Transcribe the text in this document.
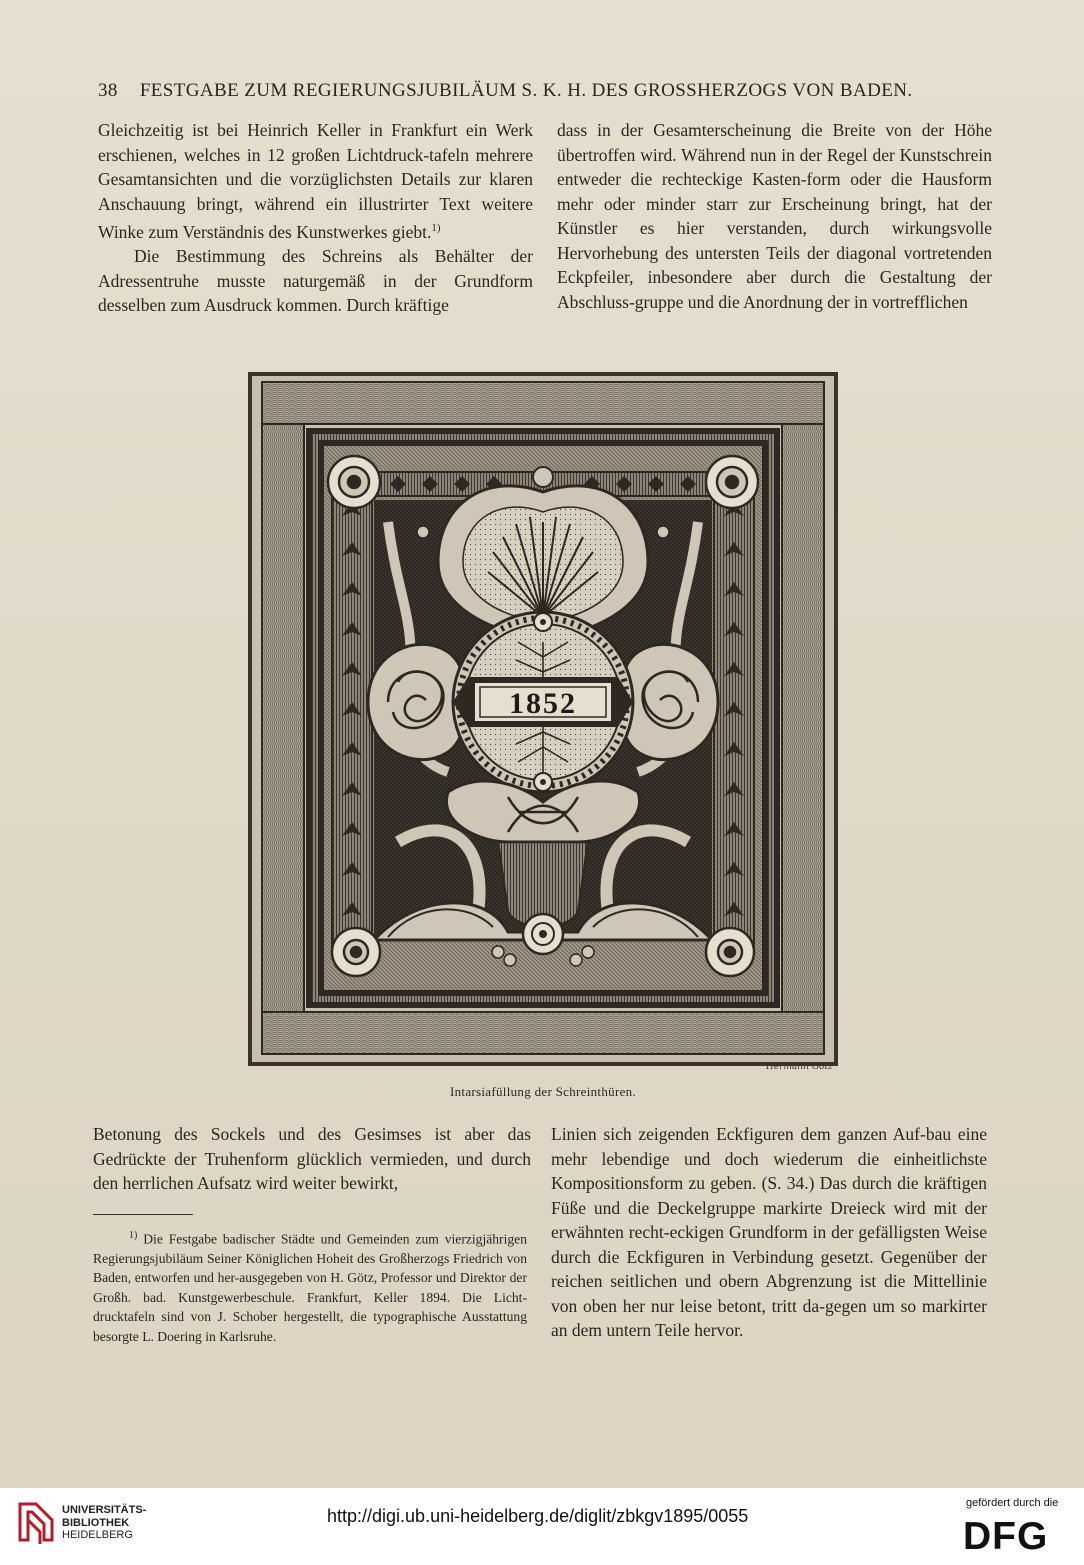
38 FESTGABE ZUM REGIERUNGSJUBILÄUM S. K. H. DES GROSSHERZOGS VON BADEN.

Gleichzeitig ist bei Heinrich Keller in Frankfurt ein Werk erschienen, welches in 12 großen Lichtdruck-tafeln mehrere Gesamtansichten und die vorzüglichsten Details zur klaren Anschauung bringt, während ein illustrirter Text weitere Winke zum Verständnis des Kunstwerkes giebt.$^{1)}$

Die Bestimmung des Schreins als Behälter der Adressentruhe musste naturgemäß in der Grundform desselben zum Ausdruck kommen. Durch kräftige

dass in der Gesamterscheinung die Breite von der Höhe übertroffen wird. Während nun in der Regel der Kunstschrein entweder die rechteckige Kasten-form oder die Hausform mehr oder minder starr zur Erscheinung bringt, hat der Künstler es hier verstanden, durch wirkungsvolle Hervorhebung des untersten Teils der diagonal vortretenden Eckpfeiler, inbesondere aber durch die Gestaltung der Abschluss-gruppe und die Anordnung der in vortrefflichen

1852
Hermann Götz
Intarsiafüllung der Schreinthüren.

Betonung des Sockels und des Gesimses ist aber das Gedrückte der Truhenform glücklich vermieden, und durch den herrlichen Aufsatz wird weiter bewirkt,

$^{1)}$ Die Festgabe badischer Städte und Gemeinden zum vierzigjährigen Regierungsjubiläum Seiner Königlichen Hoheit des Großherzogs Friedrich von Baden, entworfen und her-ausgegeben von H. Götz, Professor und Direktor der Großh. bad. Kunstgewerbeschule. Frankfurt, Keller 1894. Die Licht-drucktafeln sind von J. Schober hergestellt, die typographische Ausstattung besorgte L. Doering in Karlsruhe.

Linien sich zeigenden Eckfiguren dem ganzen Auf-bau eine mehr lebendige und doch wiederum die einheitlichste Kompositionsform zu geben. (S. 34.) Das durch die kräftigen Füße und die Deckelgruppe markirte Dreieck wird mit der erwähnten recht-eckigen Grundform in der gefälligsten Weise durch die Eckfiguren in Verbindung gesetzt. Gegenüber der reichen seitlichen und obern Abgrenzung ist die Mittellinie von oben her nur leise betont, tritt da-gegen um so markirter an dem untern Teile hervor.

UNIVERSITÄTS-
BIBLIOTHEK
HEIDELBERG
http://digi.ub.uni-heidelberg.de/diglit/zbkgv1895/0055
gefördert durch die
DFG
